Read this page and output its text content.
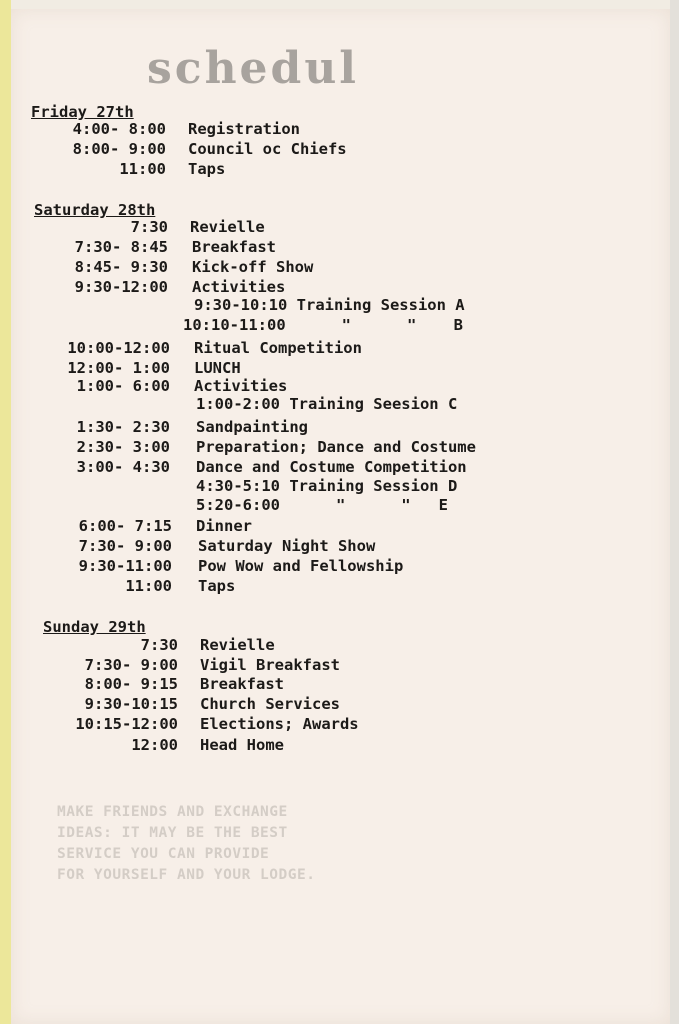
schedul
Friday 27th
4:00- 8:00 Registration
8:00- 9:00 Council oc Chiefs
11:00 Taps
Saturday 28th
7:30 Revielle
7:30- 8:45 Breakfast
8:45- 9:30 Kick-off Show
9:30-12:00 Activities
9:30-10:10 Training Session A
10:10-11:00      "      "    B
10:00-12:00 Ritual Competition
12:00- 1:00 LUNCH
1:00- 6:00 Activities
1:00-2:00 Training Seesion C
1:30- 2:30 Sandpainting
2:30- 3:00 Preparation; Dance and Costume
3:00- 4:30 Dance and Costume Competition
4:30-5:10 Training Session D
5:20-6:00      "      "   E
6:00- 7:15 Dinner
7:30- 9:00 Saturday Night Show
9:30-11:00 Pow Wow and Fellowship
11:00 Taps
Sunday 29th
7:30 Revielle
7:30- 9:00 Vigil Breakfast
8:00- 9:15 Breakfast
9:30-10:15 Church Services
10:15-12:00 Elections; Awards
12:00 Head Home
MAKE FRIENDS AND EXCHANGE
IDEAS: IT MAY BE THE BEST
SERVICE YOU CAN PROVIDE
FOR YOURSELF AND YOUR LODGE.
